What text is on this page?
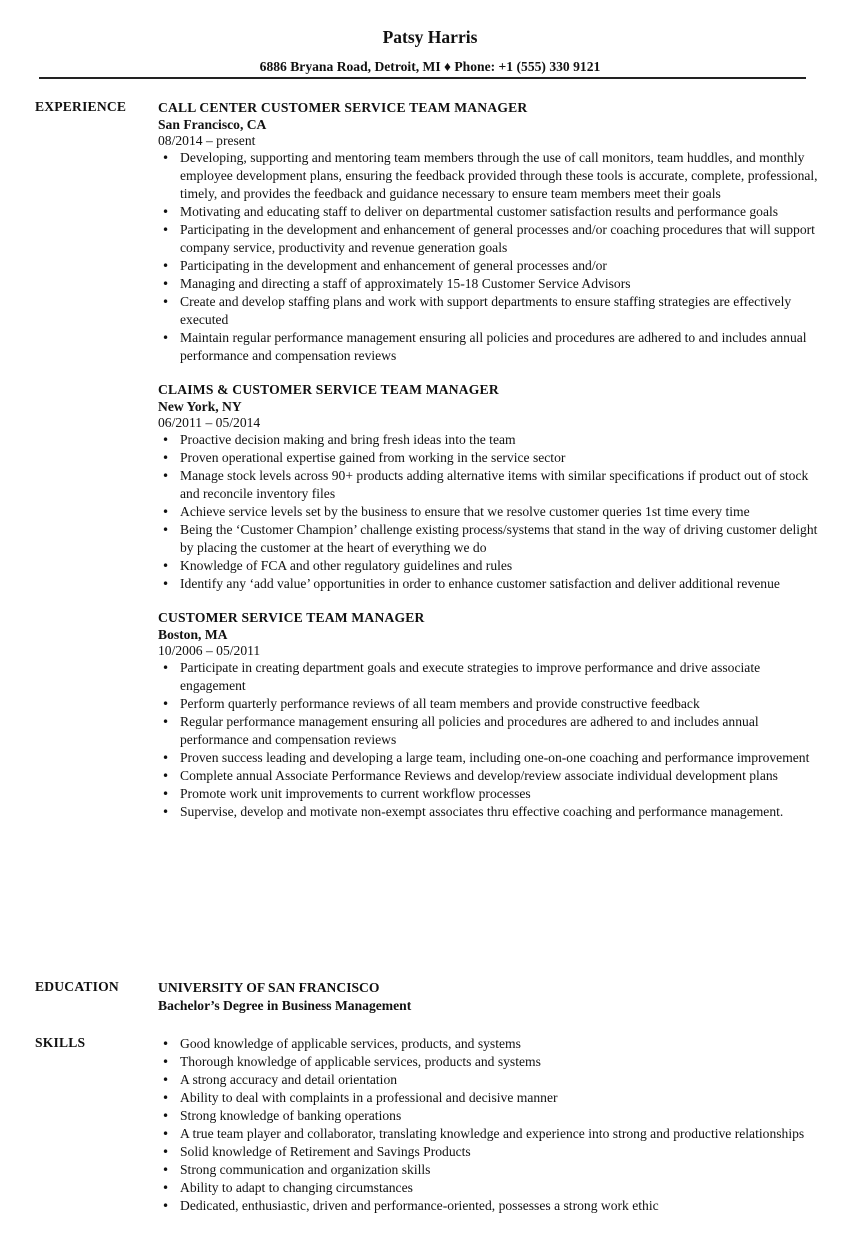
Patsy Harris
6886 Bryana Road, Detroit, MI ♦ Phone: +1 (555) 330 9121
EXPERIENCE CALL CENTER CUSTOMER SERVICE TEAM MANAGER
San Francisco, CA
08/2014 – present
• Developing, supporting and mentoring team members through the use of call monitors, team huddles, and monthly employee development plans, ensuring the feedback provided through these tools is accurate, complete, professional, timely, and provides the feedback and guidance necessary to ensure team members meet their goals
• Motivating and educating staff to deliver on departmental customer satisfaction results and performance goals
• Participating in the development and enhancement of general processes and/or coaching procedures that will support company service, productivity and revenue generation goals
• Participating in the development and enhancement of general processes and/or
• Managing and directing a staff of approximately 15-18 Customer Service Advisors
• Create and develop staffing plans and work with support departments to ensure staffing strategies are effectively executed
• Maintain regular performance management ensuring all policies and procedures are adhered to and includes annual performance and compensation reviews
CLAIMS & CUSTOMER SERVICE TEAM MANAGER
New York, NY
06/2011 – 05/2014
• Proactive decision making and bring fresh ideas into the team
• Proven operational expertise gained from working in the service sector
• Manage stock levels across 90+ products adding alternative items with similar specifications if product out of stock and reconcile inventory files
• Achieve service levels set by the business to ensure that we resolve customer queries 1st time every time
• Being the ‘Customer Champion’ challenge existing process/systems that stand in the way of driving customer delight by placing the customer at the heart of everything we do
• Knowledge of FCA and other regulatory guidelines and rules
• Identify any ‘add value’ opportunities in order to enhance customer satisfaction and deliver additional revenue
CUSTOMER SERVICE TEAM MANAGER
Boston, MA
10/2006 – 05/2011
• Participate in creating department goals and execute strategies to improve performance and drive associate engagement
• Perform quarterly performance reviews of all team members and provide constructive feedback
• Regular performance management ensuring all policies and procedures are adhered to and includes annual performance and compensation reviews
• Proven success leading and developing a large team, including one-on-one coaching and performance improvement
• Complete annual Associate Performance Reviews and develop/review associate individual development plans
• Promote work unit improvements to current workflow processes
• Supervise, develop and motivate non-exempt associates thru effective coaching and performance management.
EDUCATION	UNIVERSITY OF SAN FRANCISCO
Bachelor’s Degree in Business Management
SKILLS
•	Good knowledge of applicable services, products, and systems
• Thorough knowledge of applicable services, products and systems
• A strong accuracy and detail orientation
• Ability to deal with complaints in a professional and decisive manner
• Strong knowledge of banking operations
• A true team player and collaborator, translating knowledge and experience into strong and productive relationships
• Solid knowledge of Retirement and Savings Products
• Strong communication and organization skills
• Ability to adapt to changing circumstances
• Dedicated, enthusiastic, driven and performance-oriented, possesses a strong work ethic
